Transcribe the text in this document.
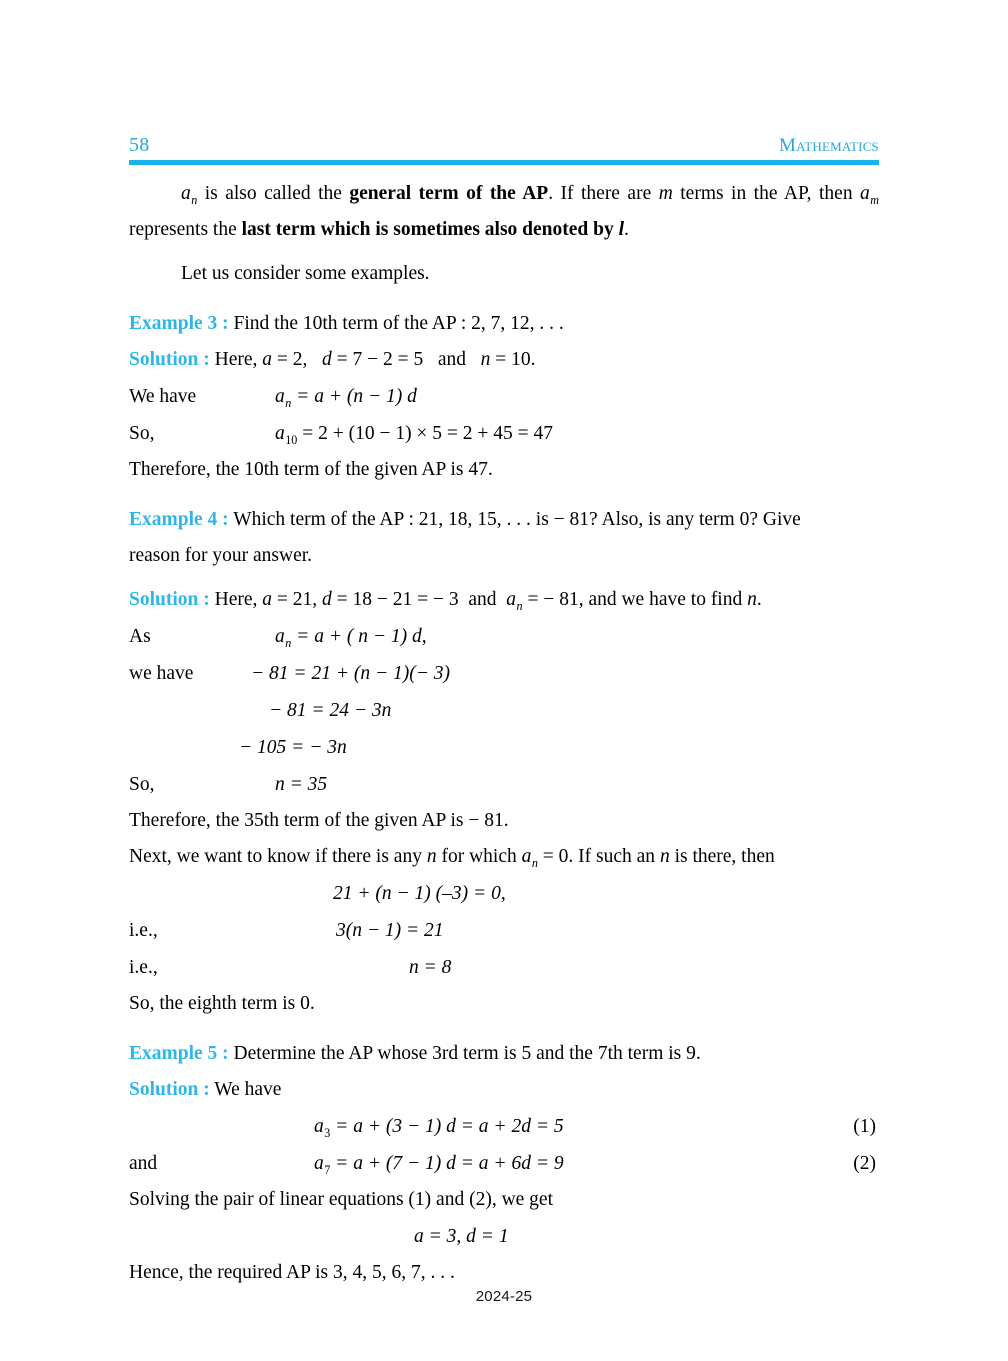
58	Mathematics

$a_n$ is also called the general term of the AP. If there are m terms in the AP, then $a_m$ represents the last term which is sometimes also denoted by l.

Let us consider some examples.
Example 3 : Find the 10th term of the AP : 2, 7, 12, . . .
Solution : Here, a = 2, d = 7 − 2 = 5 and n = 10.
We have	$a_n = a + (n - 1)$ d
So,	$a_{10} = 2 + (10 - 1) \times 5 = 2 + 45 = 47$
Therefore, the 10th term of the given AP is 47.
Example 4 : Which term of the AP : 21, 18, 15, . . . is − 81? Also, is any term 0? Give
reason for your answer.
Solution : Here, a = 21, d = 18 − 21 = − 3 and $a_n$ = − 81, and we have to find n.
As	$a_n = a$ + ( n − 1) d,
we have	− 81 = 21 + (n − 1)(− 3)
− 81 = 24 − 3n
− 105 = − 3n
So,	n = 35
Therefore, the 35th term of the given AP is − 81.
Next, we want to know if there is any n for which $a_n = 0$. If such an n is there, then
21 + (n − 1) (–3) = 0,
i.e.,	3(n − 1) = 21
i.e.,	n = 8
So, the eighth term is 0.
Example 5 : Determine the AP whose 3rd term is 5 and the 7th term is 9.
Solution : We have
$a_3 = a + (3 - 1) d = a + 2d = 5$	(1)
and	$a_7 = a + (7 - 1) d = a + 6d = 9$	(2)
Solving the pair of linear equations (1) and (2), we get
a = 3, d = 1
Hence, the required AP is 3, 4, 5, 6, 7, . . .
2024-25
